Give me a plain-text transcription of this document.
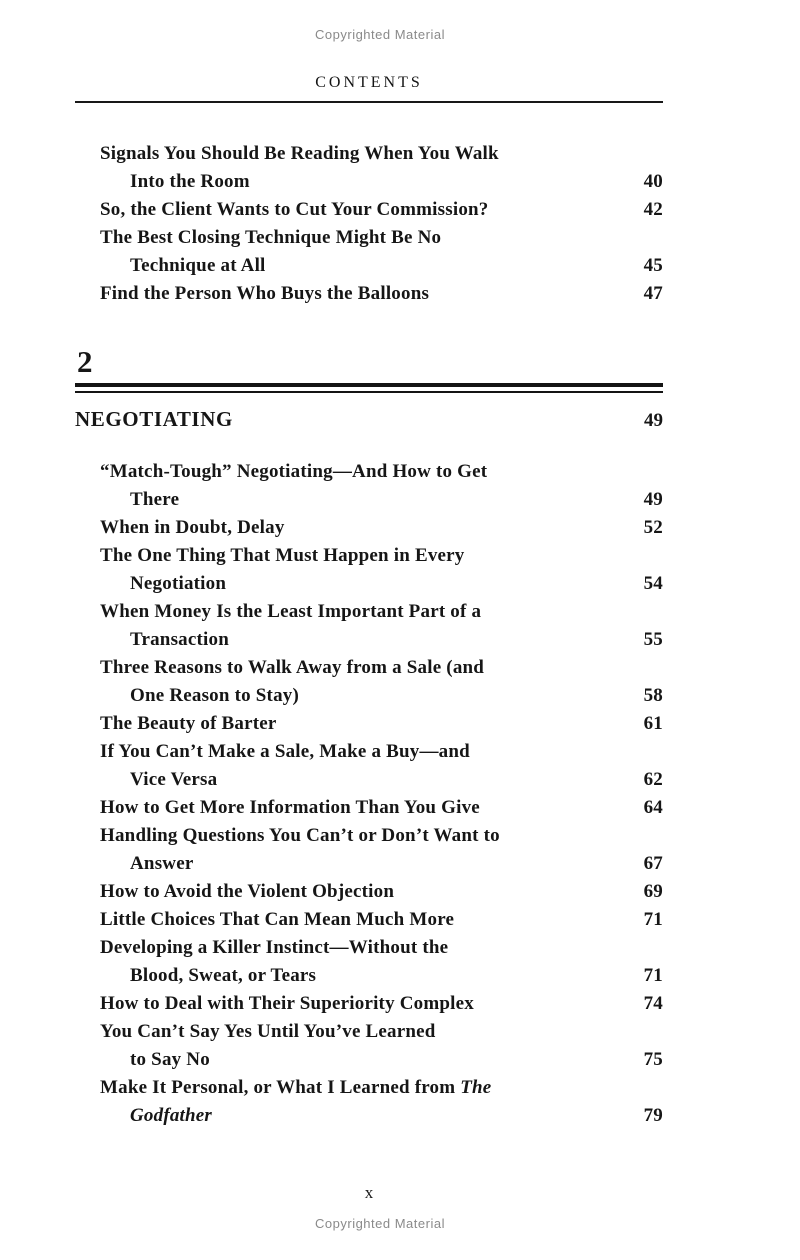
Copyrighted Material
CONTENTS
Signals You Should Be Reading When You Walk
Into the Room	40
So, the Client Wants to Cut Your Commission?	42
The Best Closing Technique Might Be No
Technique at All	45
Find the Person Who Buys the Balloons	47
2
NEGOTIATING	49
“Match-Tough” Negotiating—And How to Get
There	49
When in Doubt, Delay	52
The One Thing That Must Happen in Every
Negotiation	54
When Money Is the Least Important Part of a
Transaction	55
Three Reasons to Walk Away from a Sale (and
One Reason to Stay)	58
The Beauty of Barter	61
If You Can’t Make a Sale, Make a Buy—and
Vice Versa	62
How to Get More Information Than You Give	64
Handling Questions You Can’t or Don’t Want to
Answer	67
How to Avoid the Violent Objection	69
Little Choices That Can Mean Much More	71
Developing a Killer Instinct—Without the
Blood, Sweat, or Tears	71
How to Deal with Their Superiority Complex	74
You Can’t Say Yes Until You’ve Learned
to Say No	75
Make It Personal, or What I Learned from The
Godfather	79
x
Copyrighted Material
